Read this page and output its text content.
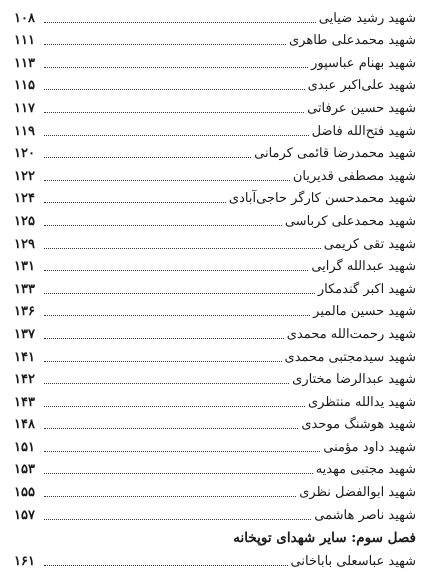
شهید رشید ضیایی
۱۰۸
شهید محمدعلی طاهری
۱۱۱
شهید بهنام عباسپور
۱۱۳
شهید علی‌اکبر عبدی
۱۱۵
شهید حسین عرفاتی
۱۱۷
شهید فتح‌الله فاضل
۱۱۹
شهید محمدرضا قائمی کرمانی
۱۲۰
شهید مصطفی قدیریان
۱۲۲
شهید محمدحسن کارگر حاجی‌آبادی
۱۲۴
شهید محمدعلی کرباسی
۱۲۵
شهید تقی کریمی
۱۲۹
شهید عبدالله گرایی
۱۳۱
شهید اکبر گندمکار
۱۳۳
شهید حسین مالمیر
۱۳۶
شهید رحمت‌الله محمدی
۱۳۷
شهید سیدمجتبی محمدی
۱۴۱
شهید عبدالرضا مختاری
۱۴۲
شهید یدالله منتظری
۱۴۳
شهید هوشنگ موحدی
۱۴۸
شهید داود مؤمنی
۱۵۱
شهید مجتبی مهدیه
۱۵۳
شهید ابوالفضل نظری
۱۵۵
شهید ناصر هاشمی
۱۵۷
فصل سوم: سایر شهدای توپخانه
شهید عباسعلی باباخانی
۱۶۱
